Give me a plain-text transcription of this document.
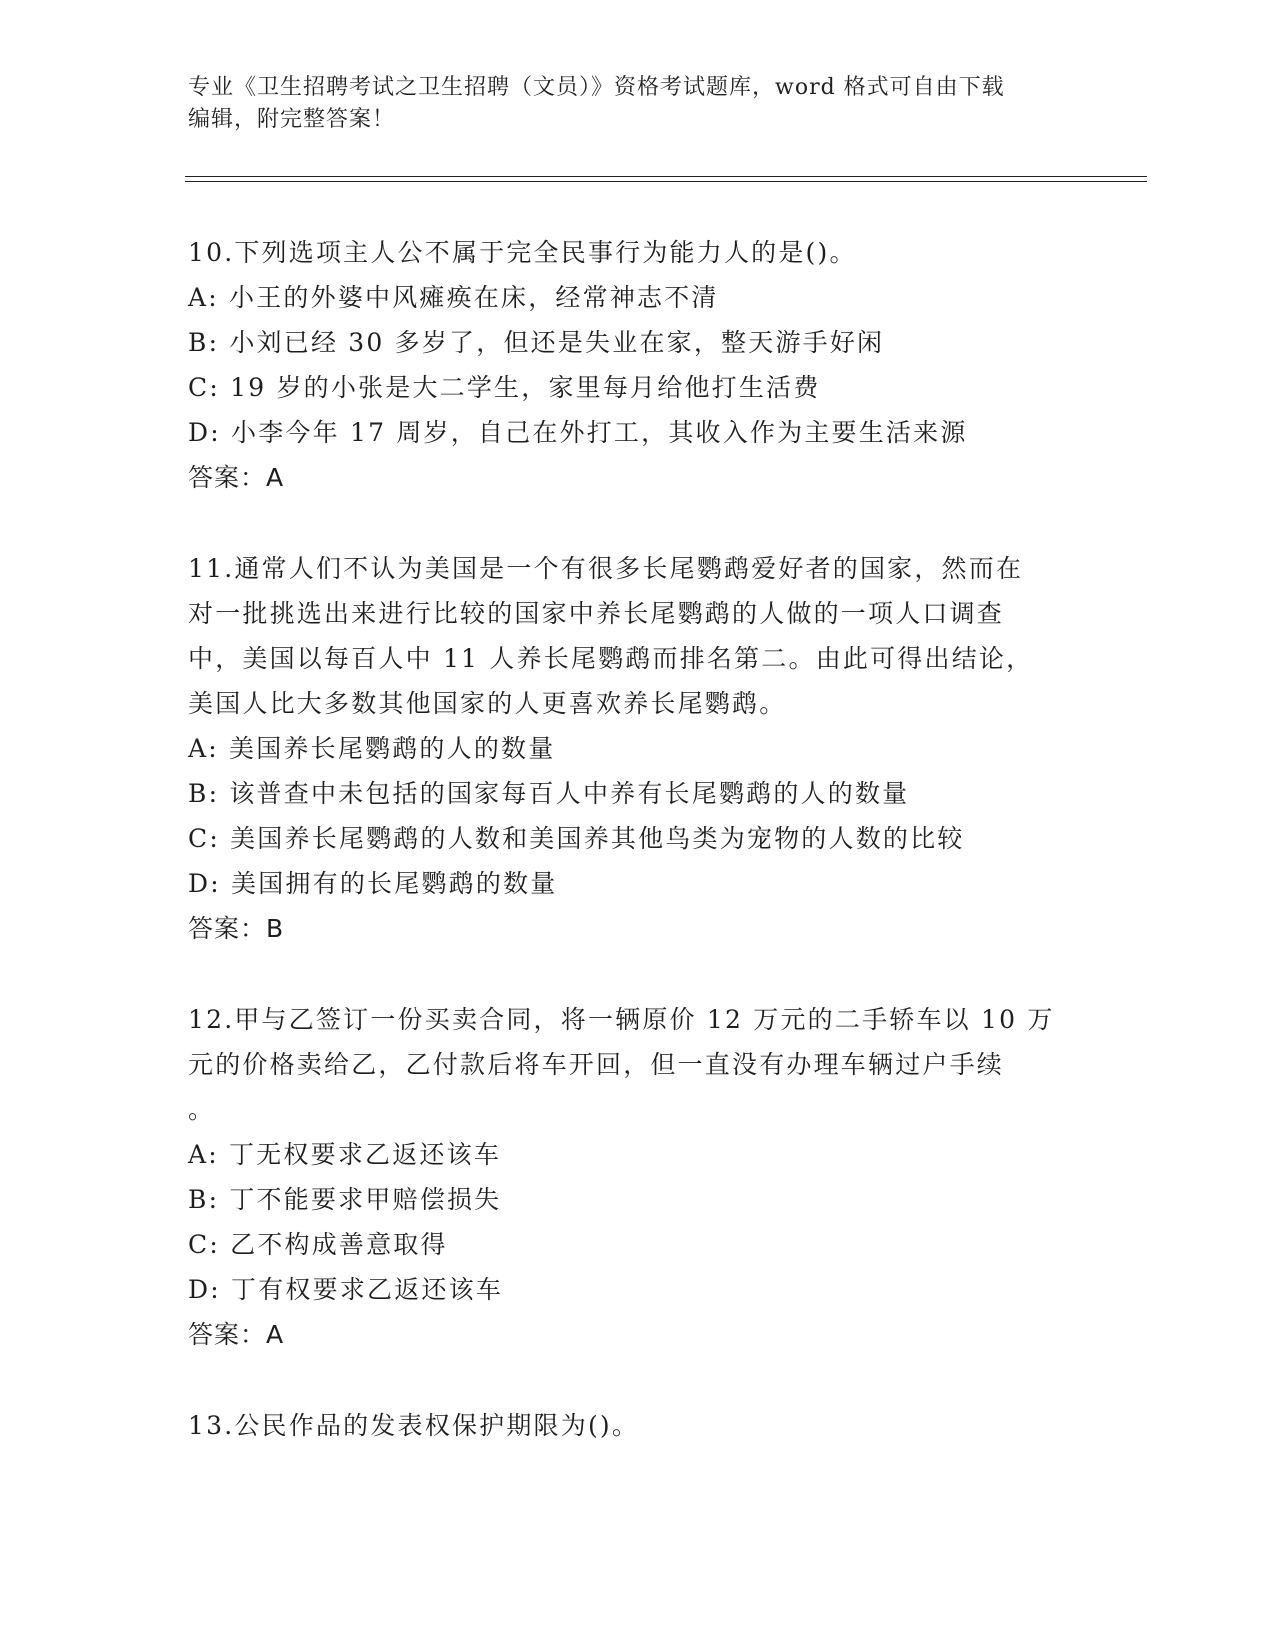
专业《卫生招聘考试之卫生招聘（文员）》资格考试题库，word 格式可自由下载
编辑，附完整答案！
10.下列选项主人公不属于完全民事行为能力人的是()。
A: 小王的外婆中风瘫痪在床，经常神志不清
B: 小刘已经 30 多岁了，但还是失业在家，整天游手好闲
C: 19 岁的小张是大二学生，家里每月给他打生活费
D: 小李今年 17 周岁，自己在外打工，其收入作为主要生活来源
答案：A
11.通常人们不认为美国是一个有很多长尾鹦鹉爱好者的国家，然而在
对一批挑选出来进行比较的国家中养长尾鹦鹉的人做的一项人口调查
中，美国以每百人中 11 人养长尾鹦鹉而排名第二。由此可得出结论，
美国人比大多数其他国家的人更喜欢养长尾鹦鹉。
A: 美国养长尾鹦鹉的人的数量
B: 该普查中未包括的国家每百人中养有长尾鹦鹉的人的数量
C: 美国养长尾鹦鹉的人数和美国养其他鸟类为宠物的人数的比较
D: 美国拥有的长尾鹦鹉的数量
答案：B
12.甲与乙签订一份买卖合同，将一辆原价 12 万元的二手轿车以 10 万
元的价格卖给乙，乙付款后将车开回，但一直没有办理车辆过户手续
。
A: 丁无权要求乙返还该车
B: 丁不能要求甲赔偿损失
C: 乙不构成善意取得
D: 丁有权要求乙返还该车
答案：A
13.公民作品的发表权保护期限为()。
